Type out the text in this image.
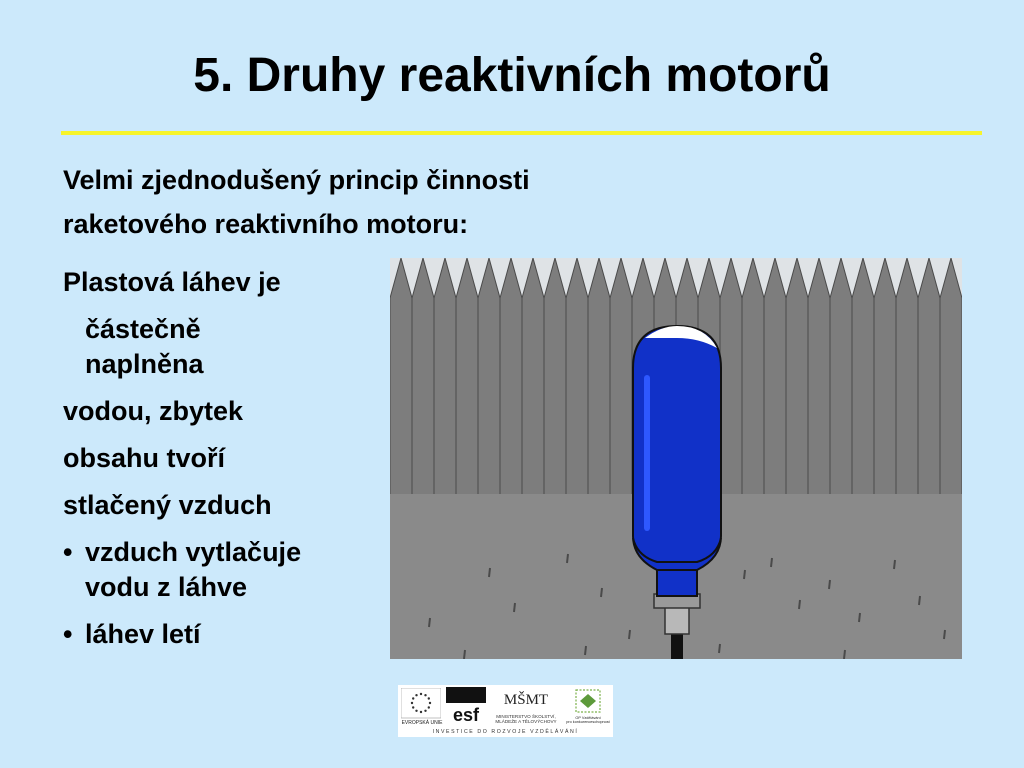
5. Druhy reaktivních motorů
Velmi zjednodušený princip činnosti
raketového reaktivního motoru:
Plastová láhev je
částečně
naplněna
vodou, zbytek
obsahu tvoří
stlačený vzduch
• vzduch vytlačuje
vodu z láhve
• láhev letí
EVROPSKÁ UNIE esf
MŠMT
MINISTERSTVO ŠKOLSTVÍ,
MLÁDEŽE A TĚLOVÝCHOVY
OP Vzdělávání
pro konkurenceschopnost
INVESTICE DO ROZVOJE VZDĚLÁVÁNÍ
